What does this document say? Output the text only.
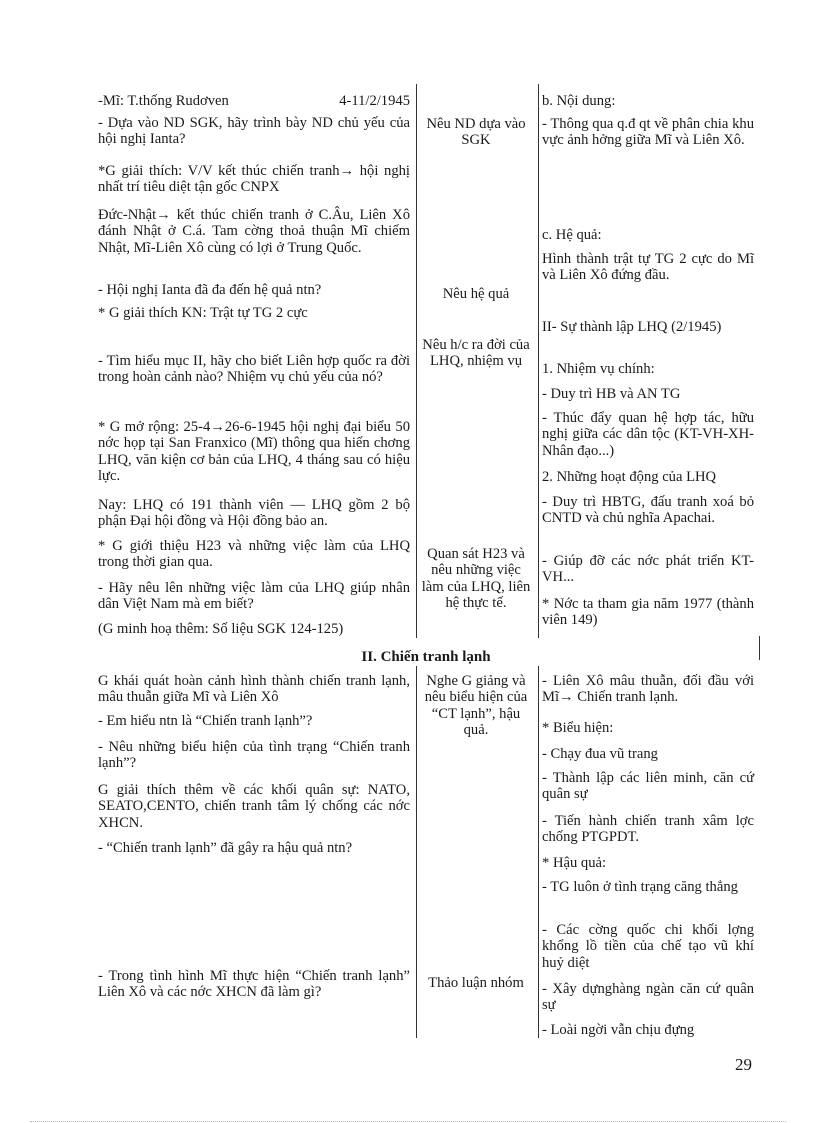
-Mĩ: T.thống Rudơven	4-11/2/1945
- Dựa vào ND SGK, hãy trình bày ND chủ yếu của hội nghị Ianta?
*G giải thích: V/V kết thúc chiến tranh→ hội nghị nhất trí tiêu diệt tận gốc CNPX
Đức-Nhật→ kết thúc chiến tranh ở C.Âu, Liên Xô đánh Nhật ở C.á. Tam cờng thoả thuận Mĩ chiếm Nhật, Mĩ-Liên Xô cùng có lợi ở Trung Quốc.
- Hội nghị Ianta đã đa đến hệ quả ntn?
* G giải thích KN: Trật tự TG 2 cực
- Tìm hiểu mục II, hãy cho biết Liên hợp quốc ra đời trong hoàn cảnh nào? Nhiệm vụ chủ yếu của nó?
* G mở rộng: 25-4→26-6-1945 hội nghị đại biểu 50 nớc họp tại San Franxico (Mĩ) thông qua hiến chơng LHQ, văn kiện cơ bản của LHQ, 4 tháng sau có hiệu lực.
Nay: LHQ có 191 thành viên — LHQ gồm 2 bộ phận Đại hội đồng và Hội đồng bảo an.
* G giới thiệu H23 và những việc làm của LHQ trong thời gian qua.
- Hãy nêu lên những việc làm của LHQ giúp nhân dân Việt Nam mà em biết?
(G minh hoạ thêm: Số liệu SGK 124-125)
Nêu ND dựa vào SGK
Nêu hệ quả
Nêu h/c ra đời của LHQ, nhiệm vụ
Quan sát H23 và nêu những việc làm của LHQ, liên hệ thực tế.
b. Nội dung:
- Thông qua q.đ qt về phân chia khu vực ảnh hởng giữa Mĩ và Liên Xô.
c. Hệ quả:
Hình thành trật tự TG 2 cực do Mĩ và Liên Xô đứng đầu.
II- Sự thành lập LHQ (2/1945)
1. Nhiệm vụ chính:
- Duy trì HB và AN TG
- Thúc đẩy quan hệ hợp tác, hữu nghị giữa các dân tộc (KT-VH-XH-Nhân đạo...)
2. Những hoạt động của LHQ
- Duy trì HBTG, đấu tranh xoá bỏ CNTD và chủ nghĩa Apachai.
- Giúp đỡ các nớc phát triển KT-VH...
* Nớc ta tham gia năm 1977 (thành viên 149)
II. Chiến tranh lạnh
G khái quát hoàn cảnh hình thành chiến tranh lạnh, mâu thuẫn giữa Mĩ và Liên Xô
- Em hiểu ntn là “Chiến tranh lạnh”?
- Nêu những biểu hiện của tình trạng “Chiến tranh lạnh”?
G giải thích thêm về các khối quân sự: NATO, SEATO,CENTO, chiến tranh tâm lý chống các nớc XHCN.
- “Chiến tranh lạnh” đã gây ra hậu quả ntn?
- Trong tình hình Mĩ thực hiện “Chiến tranh lạnh” Liên Xô và các nớc XHCN đã làm gì?
Nghe G giảng và nêu biểu hiện của “CT lạnh”, hậu quả.
Thảo luận nhóm
- Liên Xô mâu thuẫn, đối đầu với Mĩ→ Chiến tranh lạnh.
* Biểu hiện:
- Chạy đua vũ trang
- Thành lập các liên minh, căn cứ quân sự
- Tiến hành chiến tranh xâm lợc chống PTGPDT.
* Hậu quả:
- TG luôn ở tình trạng căng thẳng
- Các cờng quốc chi khối lợng khổng lồ tiền của chế tạo vũ khí huỷ diệt
- Xây dựnghàng ngàn căn cứ quân sự
- Loài ngời vẫn chịu đựng
29
